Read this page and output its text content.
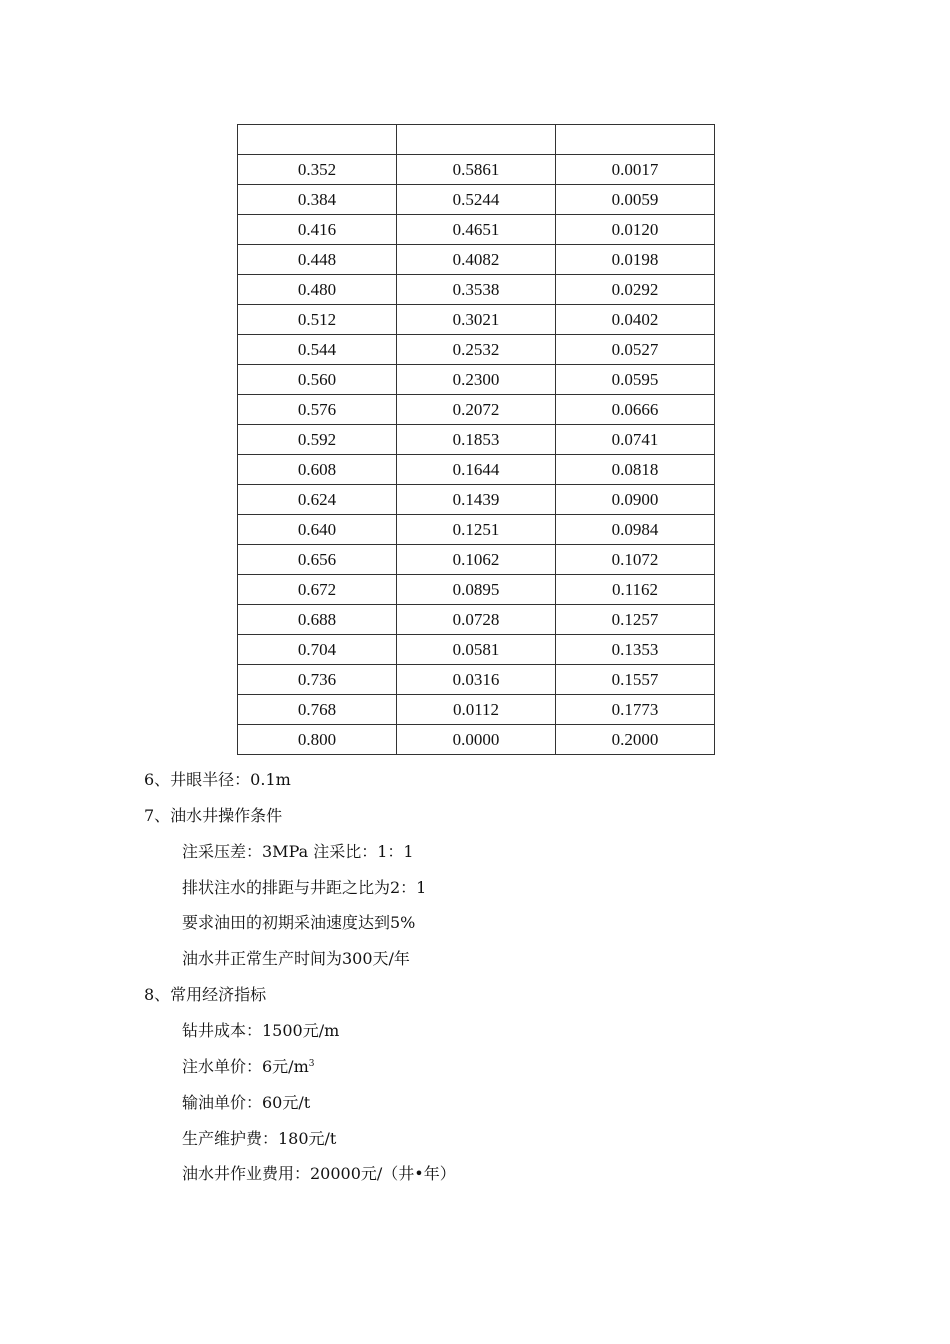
0.352	0.5861	0.0017
0.384	0.5244	0.0059
0.416	0.4651	0.0120
0.448	0.4082	0.0198
0.480	0.3538	0.0292
0.512	0.3021	0.0402
0.544	0.2532	0.0527
0.560	0.2300	0.0595
0.576	0.2072	0.0666
0.592	0.1853	0.0741
0.608	0.1644	0.0818
0.624	0.1439	0.0900
0.640	0.1251	0.0984
0.656	0.1062	0.1072
0.672	0.0895	0.1162
0.688	0.0728	0.1257
0.704	0.0581	0.1353
0.736	0.0316	0.1557
0.768	0.0112	0.1773
0.800	0.0000	0.2000
6、井眼半径：0.1m
7、油水井操作条件
注采压差：3MPa 注采比：1：1
排状注水的排距与井距之比为2：1
要求油田的初期采油速度达到5%
油水井正常生产时间为300天/年
8、常用经济指标
钻井成本：1500元/m
注水单价：6元$/m^3$
输油单价：60元/t
生产维护费：180元/t
油水井作业费用：20000元/（井•年）
